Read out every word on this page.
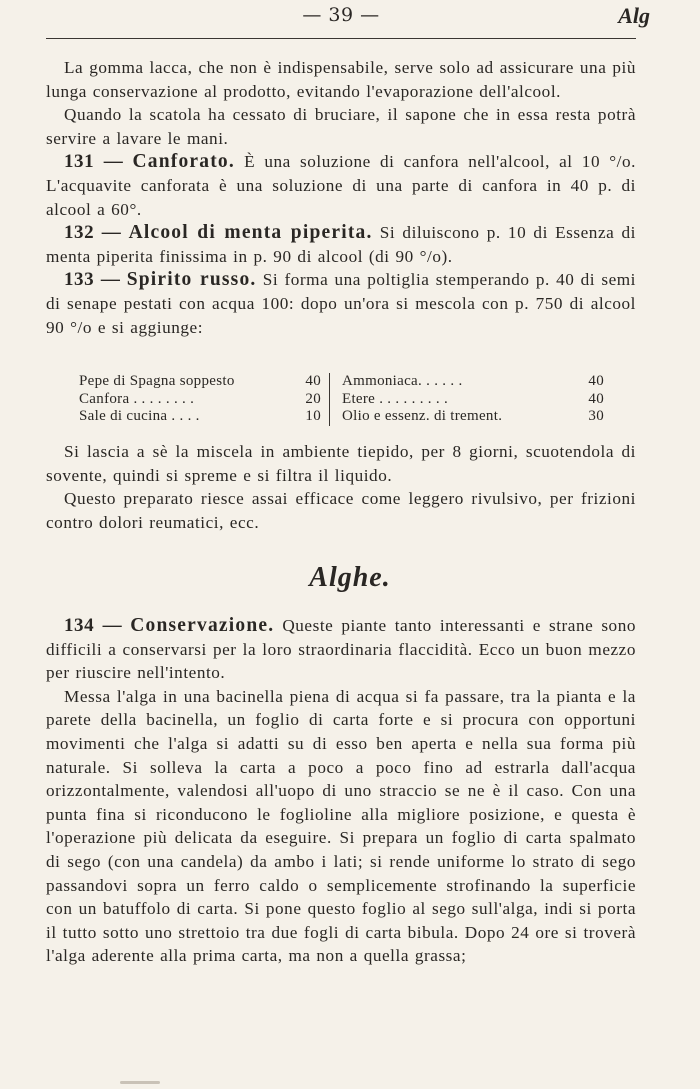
— 39 —	Alg

La gomma lacca, che non è indispensabile, serve solo ad assicurare una più lunga conservazione al prodotto, evitando l'evaporazione dell'alcool.

Quando la scatola ha cessato di bruciare, il sapone che in essa resta potrà servire a lavare le mani.

131 — Canforato. È una soluzione di canfora nell'alcool, al 10 °/o. L'acquavite canforata è una soluzione di una parte di canfora in 40 p. di alcool a 60°.

132 — Alcool di menta piperita. Si diluiscono p. 10 di Essenza di menta piperita finissima in p. 90 di alcool (di 90 °/o).

133 — Spirito russo. Si forma una poltiglia stemperando p. 40 di semi di senape pestati con acqua 100: dopo un'ora si mescola con p. 750 di alcool 90 °/o e si aggiunge:

Pepe di Spagna soppesto	40
Canfora . . . . . . . .	20
Sale di cucina . . . .	10
Ammoniaca. . . . . .	40
Etere . . . . . . . . .	40
Olio e essenz. di trement.	30

Si lascia a sè la miscela in ambiente tiepido, per 8 giorni, scuotendola di sovente, quindi si spreme e si filtra il liquido.

Questo preparato riesce assai efficace come leggero rivulsivo, per frizioni contro dolori reumatici, ecc.

Alghe.

134 — Conservazione. Queste piante tanto interessanti e strane sono difficili a conservarsi per la loro straordinaria flaccidità. Ecco un buon mezzo per riuscire nell'intento.

Messa l'alga in una bacinella piena di acqua si fa passare, tra la pianta e la parete della bacinella, un foglio di carta forte e si procura con opportuni movimenti che l'alga si adatti su di esso ben aperta e nella sua forma più naturale. Si solleva la carta a poco a poco fino ad estrarla dall'acqua orizzontalmente, valendosi all'uopo di uno straccio se ne è il caso. Con una punta fina si riconducono le foglioline alla migliore posizione, e questa è l'operazione più delicata da eseguire. Si prepara un foglio di carta spalmato di sego (con una candela) da ambo i lati; si rende uniforme lo strato di sego passandovi sopra un ferro caldo o semplicemente strofinando la superficie con un batuffolo di carta. Si pone questo foglio al sego sull'alga, indi si porta il tutto sotto uno strettoio tra due fogli di carta bibula. Dopo 24 ore si troverà l'alga aderente alla prima carta, ma non a quella grassa;
